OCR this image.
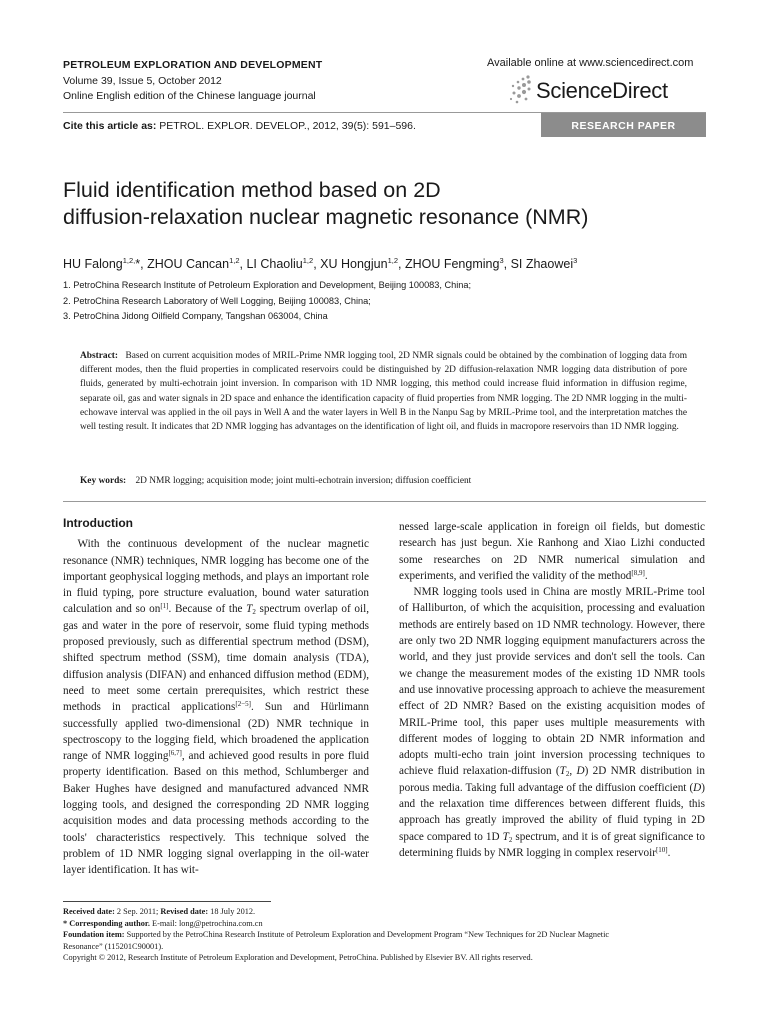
PETROLEUM EXPLORATION AND DEVELOPMENT
Volume 39, Issue 5, October 2012
Online English edition of the Chinese language journal
Available online at www.sciencedirect.com
ScienceDirect
Cite this article as: PETROL. EXPLOR. DEVELOP., 2012, 39(5): 591–596.	RESEARCH PAPER
Fluid identification method based on 2D
diffusion-relaxation nuclear magnetic resonance (NMR)
HU Falong$^{1,2,}$*, ZHOU Cancan$^{1,2}$, LI Chaoliu$^{1,2}$, XU Hongjun$^{1,2}$, ZHOU Fengming$^3$, SI Zhaowei$^3$
1. PetroChina Research Institute of Petroleum Exploration and Development, Beijing 100083, China;
2. PetroChina Research Laboratory of Well Logging, Beijing 100083, China;
3. PetroChina Jidong Oilfield Company, Tangshan 063004, China
Abstract: Based on current acquisition modes of MRIL-Prime NMR logging tool, 2D NMR signals could be obtained by the combination of logging data from different modes, then the fluid properties in complicated reservoirs could be distinguished by 2D diffusion-relaxation NMR logging data distribution of pore fluids, generated by multi-echotrain joint inversion. In comparison with 1D NMR logging, this method could increase fluid information in diffusion regime, separate oil, gas and water signals in 2D space and enhance the identification capacity of fluid properties from NMR logging. The 2D NMR logging in the multi-echowave interval was applied in the oil pays in Well A and the water layers in Well B in the Nanpu Sag by MRIL-Prime tool, and the interpretation matches the well testing result. It indicates that 2D NMR logging has advantages on the identification of light oil, and fluids in macropore reservoirs than 1D NMR logging.
Key words: 2D NMR logging; acquisition mode; joint multi-echotrain inversion; diffusion coefficient
Introduction

With the continuous development of the nuclear magnetic resonance (NMR) techniques, NMR logging has become one of the important geophysical logging methods, and plays an important role in fluid typing, pore structure evaluation, bound water saturation calculation and so on[1]. Because of the $T_2$ spectrum overlap of oil, gas and water in the pore of reservoir, some fluid typing methods proposed previously, such as differential spectrum method (DSM), shifted spectrum method (SSM), time domain analysis (TDA), diffusion analysis (DIFAN) and enhanced diffusion method (EDM), need to meet some certain prerequisites, which restrict these methods in practical applications[2−5]. Sun and Hürlimann successfully applied two-dimensional (2D) NMR technique in spectroscopy to the logging field, which broadened the application range of NMR logging[6,7], and achieved good results in pore fluid property identification. Based on this method, Schlumberger and Baker Hughes have designed and manufactured advanced NMR logging tools, and designed the corresponding 2D NMR logging acquisition modes and data processing methods according to the tools' characteristics respectively. This technique solved the problem of 1D NMR logging signal overlapping in the oil-water layer identification. It has wit-

nessed large-scale application in foreign oil fields, but domestic research has just begun. Xie Ranhong and Xiao Lizhi conducted some researches on 2D NMR numerical simulation and experiments, and verified the validity of the method[8,9].

NMR logging tools used in China are mostly MRIL-Prime tool of Halliburton, of which the acquisition, processing and evaluation methods are entirely based on 1D NMR technology. However, there are only two 2D NMR logging equipment manufacturers across the world, and they just provide services and don't sell the tools. Can we change the measurement modes of the existing 1D NMR tools and use innovative processing approach to achieve the measurement effect of 2D NMR? Based on the existing acquisition modes of MRIL-Prime tool, this paper uses multiple measurements with different modes of logging to obtain 2D NMR information and adopts multi-echo train joint inversion processing techniques to achieve fluid relaxation-diffusion ($T_2$, D) 2D NMR distribution in porous media. Taking full advantage of the diffusion coefficient (D) and the relaxation time differences between different fluids, this approach has greatly improved the ability of fluid typing in 2D space compared to 1D $T_2$ spectrum, and it is of great significance to determining fluids by NMR logging in complex reservoir[10].

Received date: 2 Sep. 2011; Revised date: 18 July 2012.
* Corresponding author. E-mail: long@petrochina.com.cn
Foundation item: Supported by the PetroChina Research Institute of Petroleum Exploration and Development Program “New Techniques for 2D Nuclear Magnetic
Resonance” (115201C90001).
Copyright © 2012, Research Institute of Petroleum Exploration and Development, PetroChina. Published by Elsevier BV. All rights reserved.
